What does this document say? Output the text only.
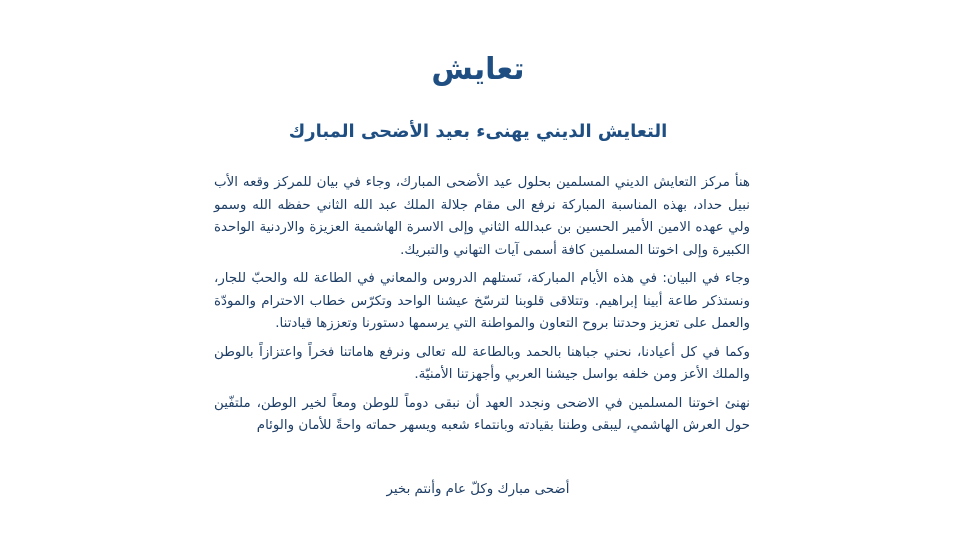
تعايش
التعايش الديني يهنىء بعيد الأضحى المبارك

هنأ مركز التعايش الديني المسلمين بحلول عيد الأضحى المبارك، وجاء في بيان للمركز وقعه الأب نبيل حداد، بهذه المناسبة المباركة نرفع الى مقام جلالة الملك عبد الله الثاني حفظه الله وسمو ولي عهده الامين الأمير الحسين بن عبدالله الثاني وإلى الاسرة الهاشمية العزيزة والاردنية الواحدة الكبيرة وإلى اخوتنا المسلمين كافة أسمى آيات التهاني والتبريك.

وجاء في البيان: في هذه الأيام المباركة، نَستلهم الدروس والمعاني في الطاعة لله والحبّ للجار، ونستذكر طاعة أبينا إبراهيم. وتتلاقى قلوبنا لترسّخ عيشنا الواحد وتكرّس خطاب الاحترام والمودّة والعمل على تعزيز وحدتنا بروح التعاون والمواطنة التي يرسمها دستورنا وتعززها قيادتنا.

وكما في كل أعيادنا، نحني جباهنا بالحمد وبالطاعة لله تعالى ونرفع هاماتنا فخراً واعتزازاً بالوطن والملك الأعز ومن خلفه بواسل جيشنا العربي وأجهزتنا الأمنيّة.

نهنئ اخوتنا المسلمين في الاضحى ونجدد العهد أن نبقى دوماً للوطن ومعاً لخير الوطن، ملتفّين حول العرش الهاشمي، ليبقى وطننا بقيادته وبانتماء شعبه ويسهر حماته واحةً للأمان والوئام

أضحى مبارك وكلّ عام وأنتم بخير
